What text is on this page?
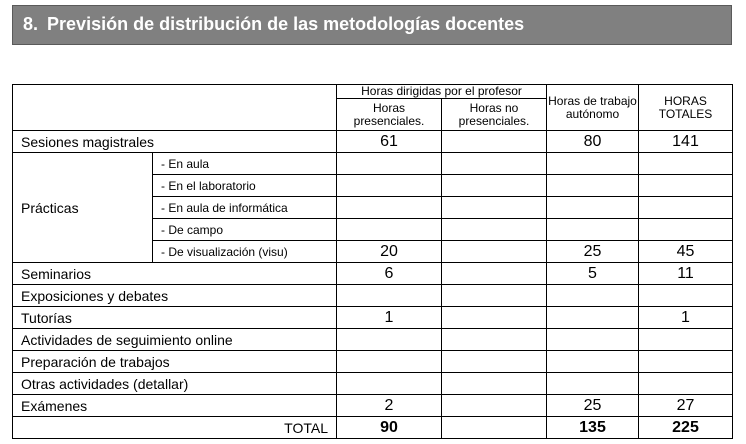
8. Previsión de distribución de las metodologías docentes
		Horas dirigidas por el profesor		Horas de trabajo autónomo	HORAS TOTALES
		Horas presenciales.	Horas no presenciales.		
Sesiones magistrales		61		80	141
Prácticas	- En aula				
	- En el laboratorio				
	- En aula de informática				
	- De campo				
	- De visualización (visu)	20		25	45
Seminarios		6		5	11
Exposiciones y debates					
Tutorías		1			1
Actividades de seguimiento online					
Preparación de trabajos					
Otras actividades (detallar)					
Exámenes		2		25	27
TOTAL		90		135	225
